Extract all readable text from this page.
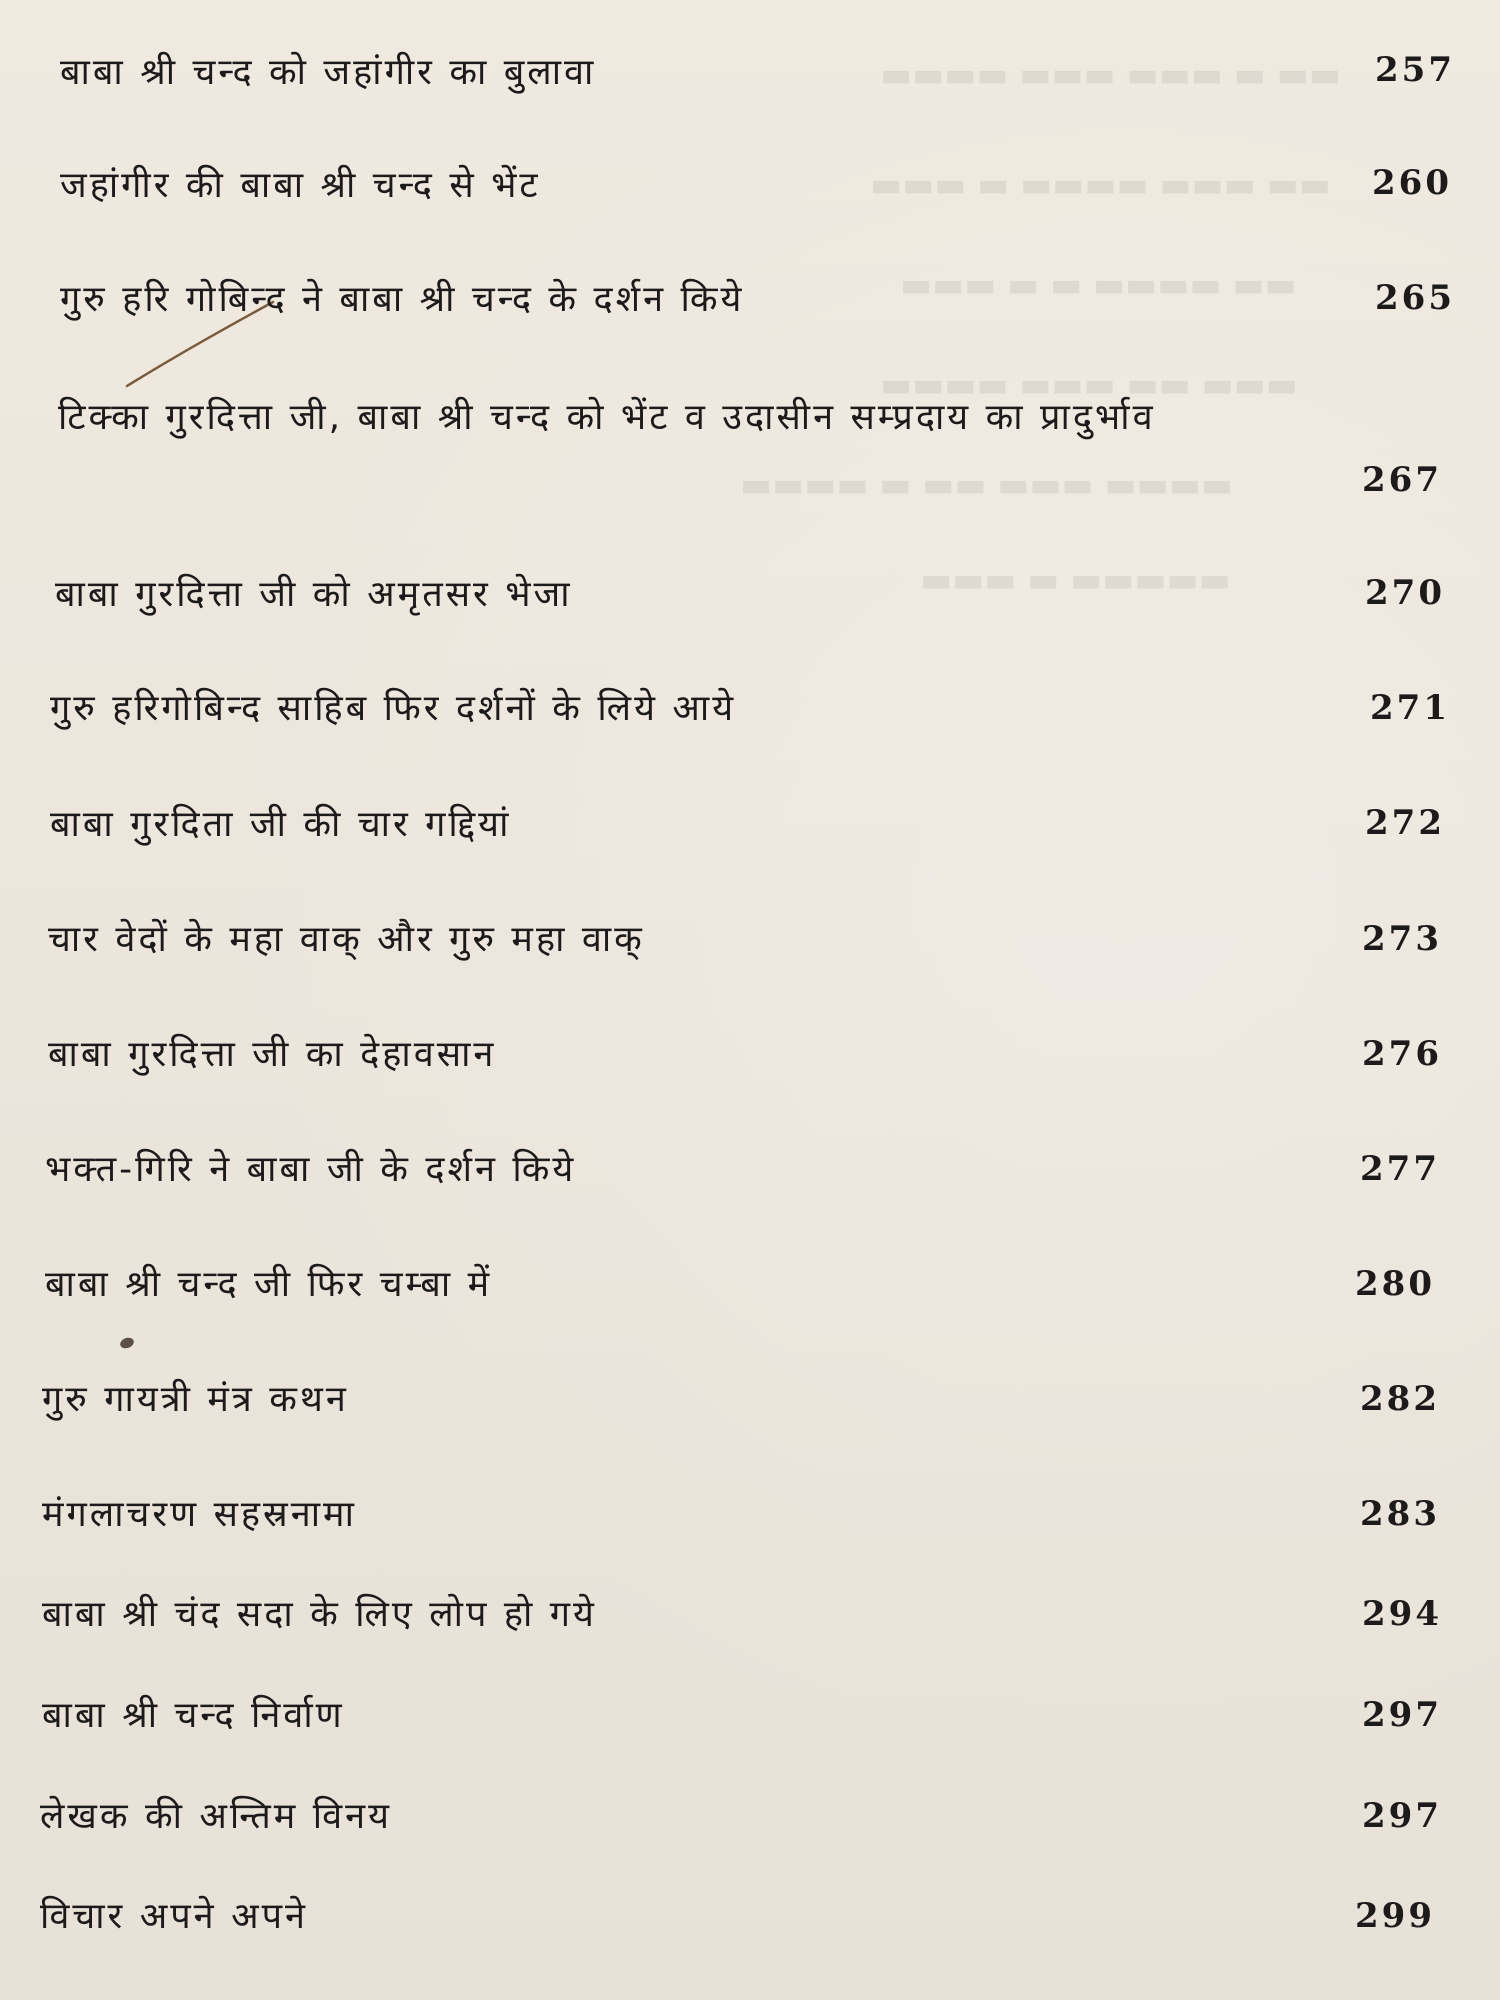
▬▬▬▬ ▬▬▬ ▬▬▬ ▬ ▬▬
▬▬▬ ▬ ▬▬▬▬ ▬▬▬ ▬▬
▬▬▬ ▬ ▬ ▬▬▬▬ ▬▬
▬▬▬▬ ▬▬▬ ▬▬ ▬▬▬
▬▬▬▬ ▬ ▬▬ ▬▬▬ ▬▬▬▬
▬▬▬ ▬ ▬▬▬▬▬
बाबा श्री चन्द को जहांगीर का बुलावा	257
जहांगीर की बाबा श्री चन्द से भेंट	260
गुरु हरि गोबिन्द ने बाबा श्री चन्द के दर्शन किये	265
टिक्का गुरदित्ता जी, बाबा श्री चन्द को भेंट व उदासीन सम्प्रदाय का प्रादुर्भाव
267
बाबा गुरदित्ता जी को अमृतसर भेजा	270
गुरु हरिगोबिन्द साहिब फिर दर्शनों के लिये आये	271
बाबा गुरदिता जी की चार गद्दियां	272
चार वेदों के महा वाक् और गुरु महा वाक्	273
बाबा गुरदित्ता जी का देहावसान	276
भक्त-गिरि ने बाबा जी के दर्शन किये	277
बाबा श्री चन्द जी फिर चम्बा में	280
गुरु गायत्री मंत्र कथन	282
मंगलाचरण सहस्रनामा	283
बाबा श्री चंद सदा के लिए लोप हो गये	294
बाबा श्री चन्द निर्वाण	297
लेखक की अन्तिम विनय	297
विचार अपने अपने	299
